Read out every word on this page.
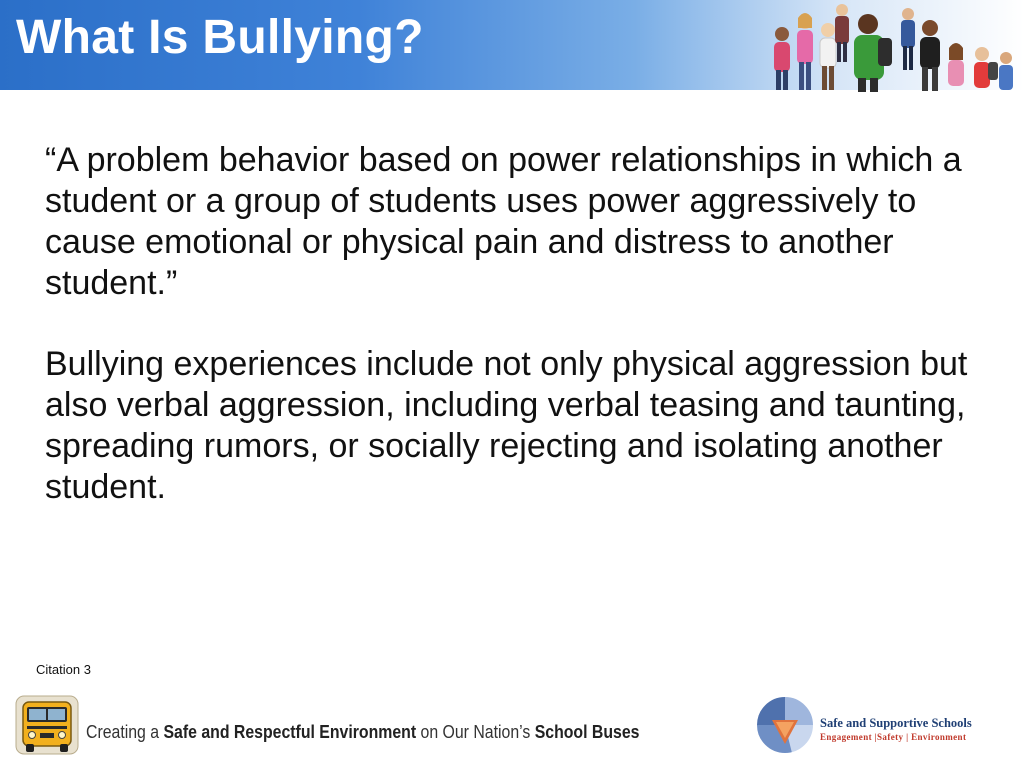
What Is Bullying?

“A problem behavior based on power relationships in which a student or a group of students uses power aggressively to cause emotional or physical pain and distress to another student.”

Bullying experiences include not only physical aggression but also verbal aggression, including verbal teasing and taunting, spreading rumors, or socially rejecting and isolating another student.

Citation 3
Creating a Safe and Respectful Environment on Our Nation’s School Buses	Safe and Supportive Schools
Engagement |Safety | Environment
